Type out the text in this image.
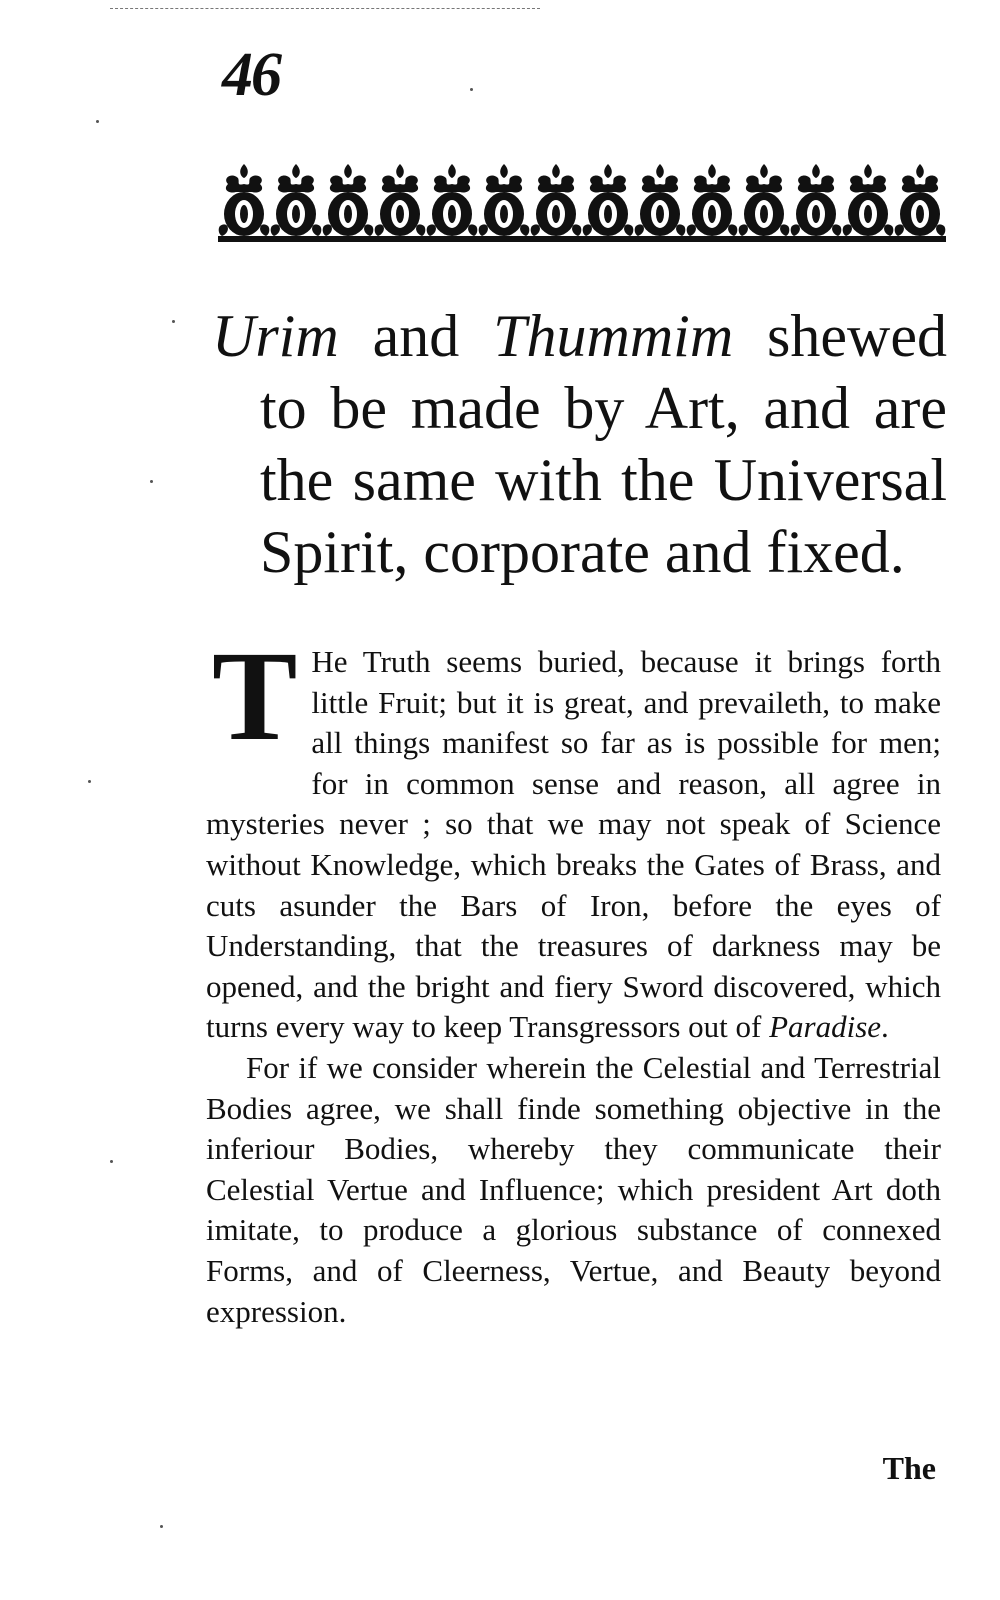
46
Urim and Thummim shewed
to be made by Art, and are
the same with the Universal
Spirit, corporate and fixed.

T He Truth seems buried, because it brings forth little Fruit; but it is great, and prevaileth, to make all things manifest so far as is possible for men; for in common sense and reason, all agree in mysteries never ; so that we may not speak of Science without Knowledge, which breaks the Gates of Brass, and cuts asunder the Bars of Iron, before the eyes of Understanding, that the treasures of darkness may be opened, and the bright and fiery Sword discovered, which turns every way to keep Transgressors out of Paradise.

For if we consider wherein the Celestial and Terrestrial Bodies agree, we shall finde something objective in the inferiour Bodies, whereby they communicate their Celestial Vertue and Influence; which president Art doth imitate, to produce a glorious substance of connexed Forms, and of Cleerness, Vertue, and Beauty beyond expression.

The
